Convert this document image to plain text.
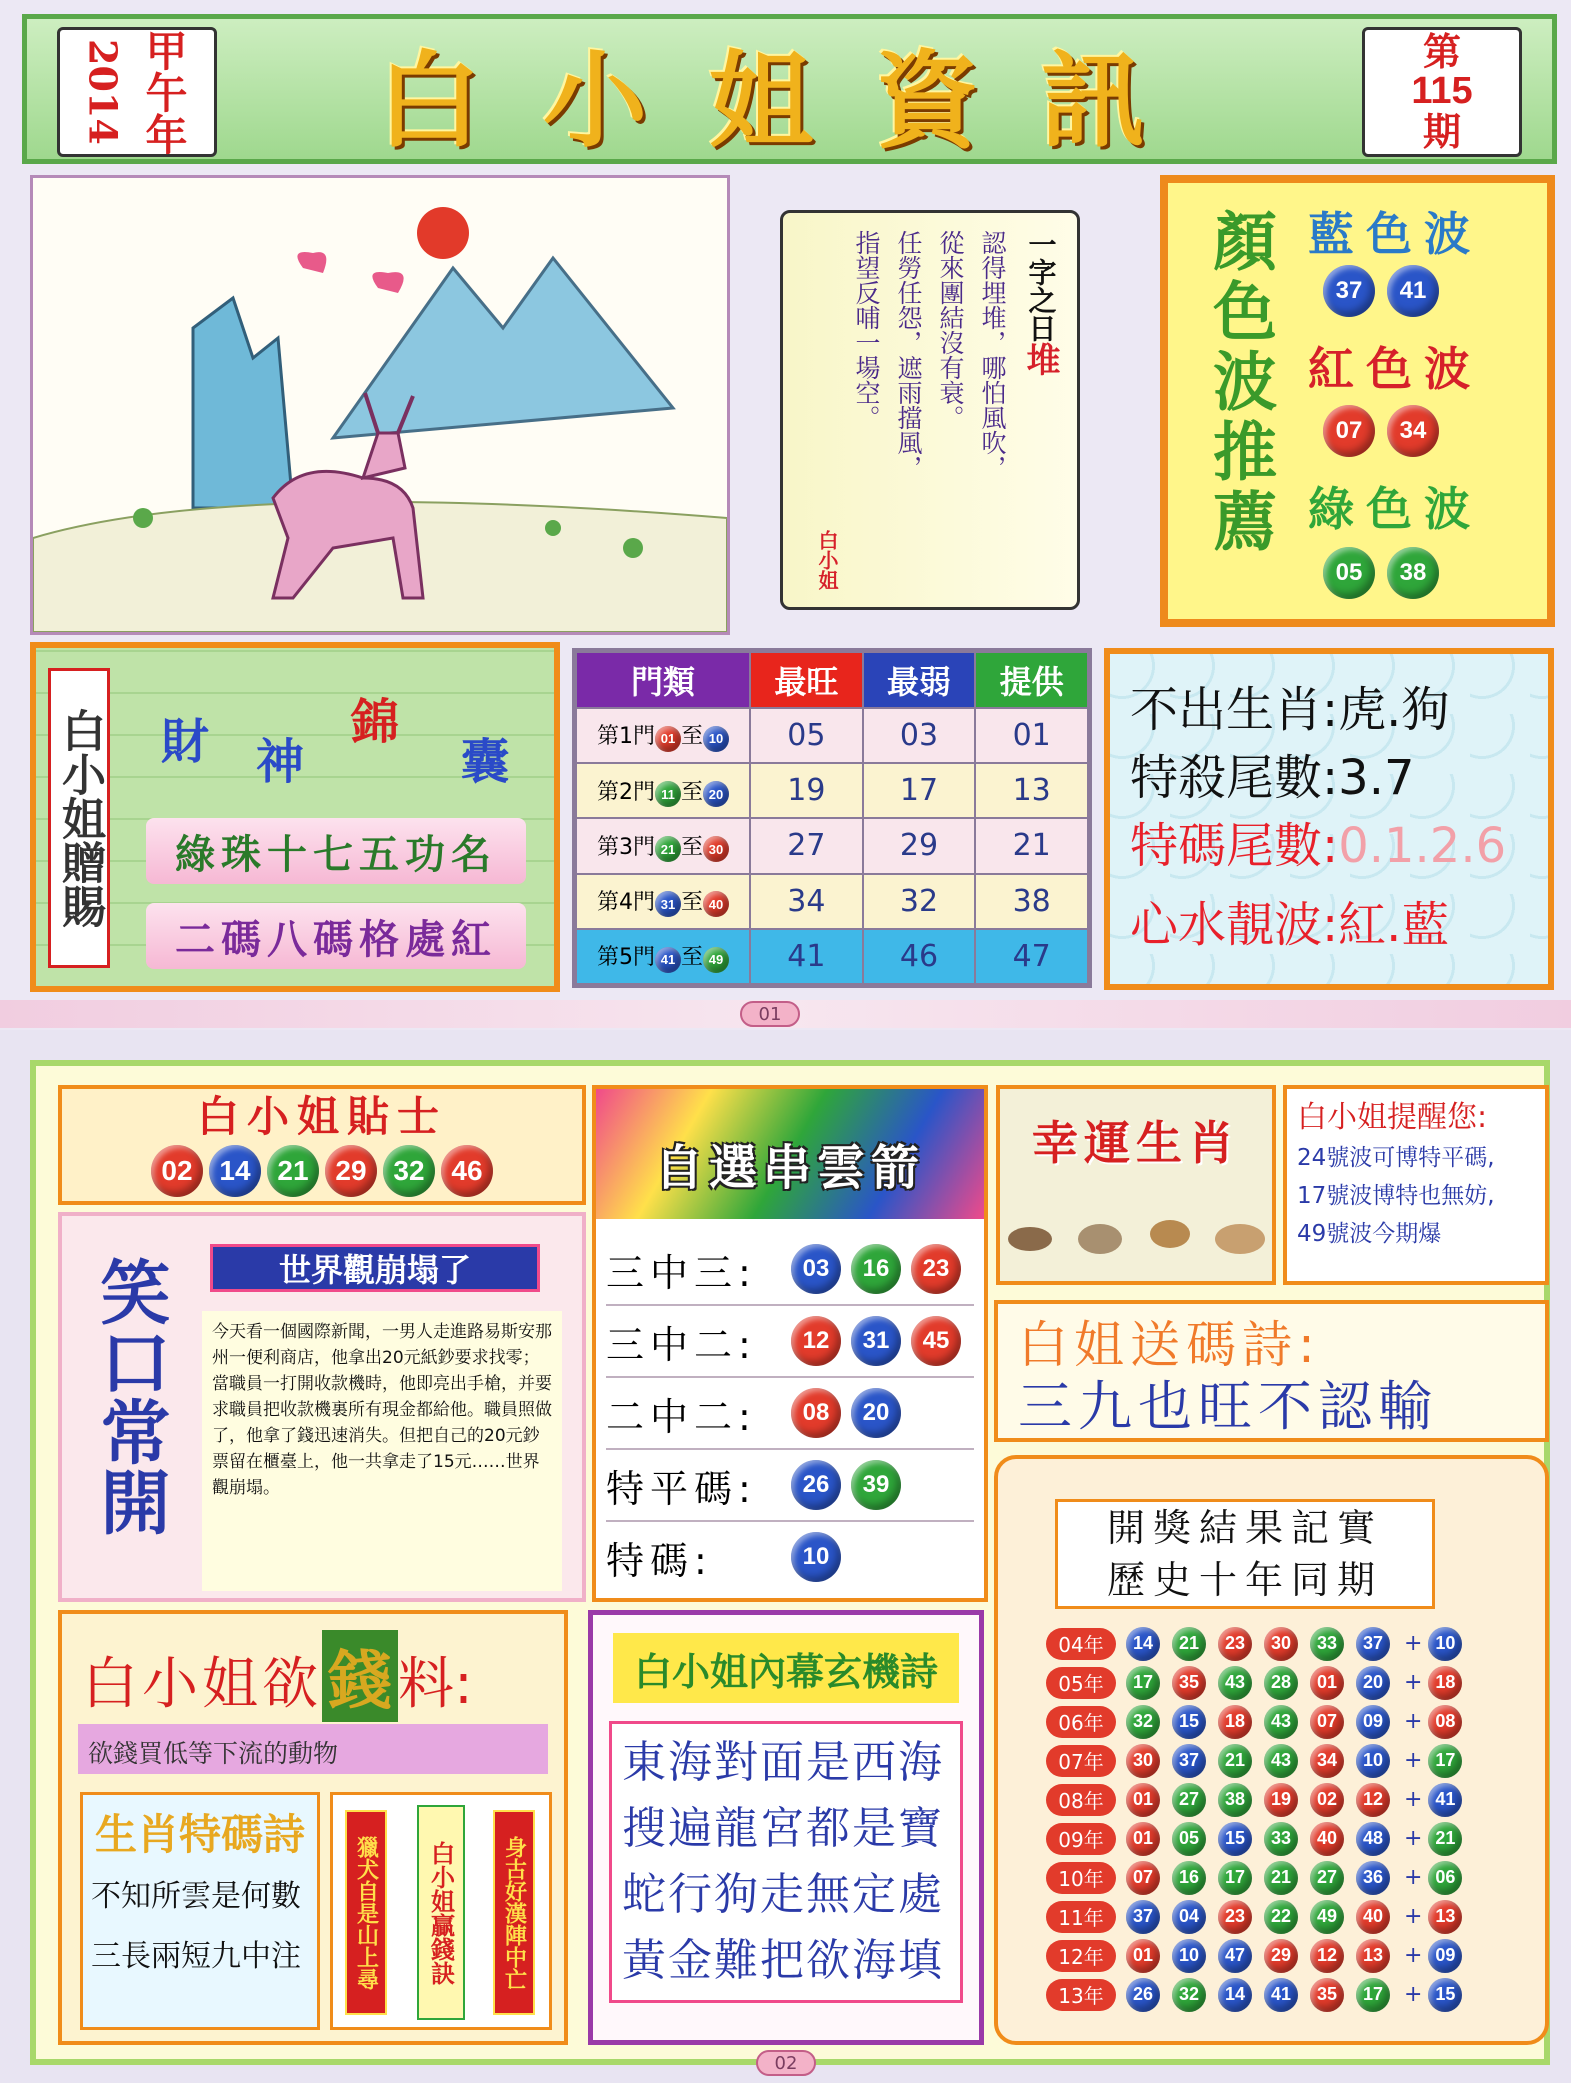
2014 甲午年	白小姐資訊	第
115
期
一字之日
堆
認得埋堆，哪怕風吹，
從來團結沒有衰。
任勞任怨，遮雨擋風，
指望反哺一場空。
白小姐
顏色波推薦 藍色波
37	41
紅色波
07	34
綠色波
05	38
白小姐贈賜 財 神
錦
囊
綠珠十七五功名
二碼八碼格處紅
門類	最旺	最弱	提供
第1門 01 至 10	05	03	01
第2門 11 至 20	19	17	13
第3門 21 至 30	27	29	21
第4門 31 至 40	34	32	38
第5門 41 至 49	41	46	47
不出生肖:虎.狗
特殺尾數:3.7
特碼尾數:0.1.2.6
心水靚波:紅.藍
01
白小姐貼士
02 14 21 29 32 46
笑口常開	世界觀崩塌了
今天看一個國際新聞，一男人走進路易斯安那州一便利商店，他拿出20元紙鈔要求找零；當職員一打開收款機時，他即亮出手槍，并要求職員把收款機裏所有現金都給他。職員照做了，他拿了錢迅速消失。但把自己的20元鈔票留在櫃臺上，他一共拿走了15元……世界觀崩塌。
自選串雲箭
三中三:	03	16	23
三中二:	12	31	45
二中二:	08	20
特平碼:	26	39
特碼:	10
幸運生肖	白小姐提醒您:
24號波可博特平碼,
17號波博特也無妨,
49號波今期爆
白姐送碼詩:
三九也旺不認輸
開獎結果記實
歷史十年同期
04年	14	21	23	30	33	37 + 10
05年	17	35	43	28	01	20 + 18
06年	32	15	18	43	07	09 + 08
07年	30	37	21	43	34	10 + 17
08年	01	27	38	19	02	12 + 41
09年	01	05	15	33	40	48 + 21
10年	07	16	17	21	27	36 + 06
11年	37	04	23	22	49	40 + 13
12年	01	10	47	29	12	13 + 09
13年	26	32	14	41	35	17 + 15
白小姐欲 錢 料:
欲錢買低等下流的動物
生肖特碼詩
不知所雲是何數
三長兩短九中注	獵犬自是山上尋	白小姐贏錢訣	身古好漢陣中亡
白小姐內幕玄機詩
東海對面是西海
搜遍龍宮都是寶
蛇行狗走無定處
黃金難把欲海填
02
